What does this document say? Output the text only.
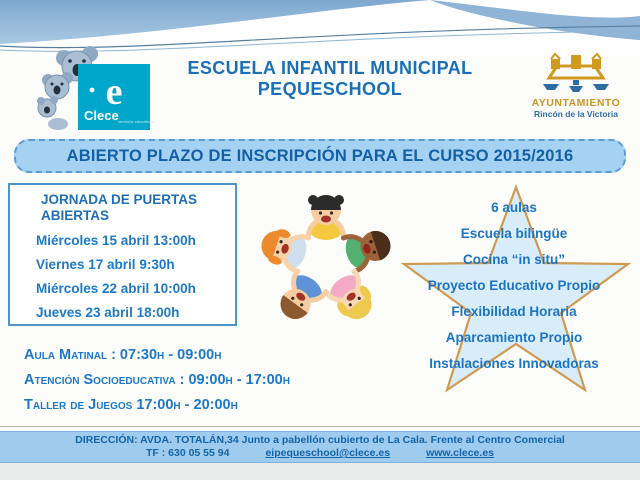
e
Clece servicios educativos
ESCUELA INFANTIL MUNICIPAL
PEQUESCHOOL
AYUNTAMIENTO
Rincón de la Victoria
ABIERTO PLAZO DE INSCRIPCIÓN PARA EL CURSO 2015/2016
JORNADA DE PUERTAS ABIERTAS
Miércoles 15 abril 13:00h
Viernes 17 abril 9:30h
Miércoles 22 abril 10:00h
Jueves 23 abril 18:00h
6 aulas
Escuela bilingüe
Cocina “in situ”
Proyecto Educativo Propio
Flexibilidad Horaria
Aparcamiento Propio
Instalaciones Innovadoras
Aula Matinal : 07:30h - 09:00h
Atención Socioeducativa : 09:00h - 17:00h
Taller de Juegos 17:00h - 20:00h
DIRECCIÓN: AVDA. TOTALÁN,34 Junto a pabellón cubierto de La Cala. Frente al Centro Comercial
TF : 630 05 55 94	eipequeschool@clece.es	www.clece.es
